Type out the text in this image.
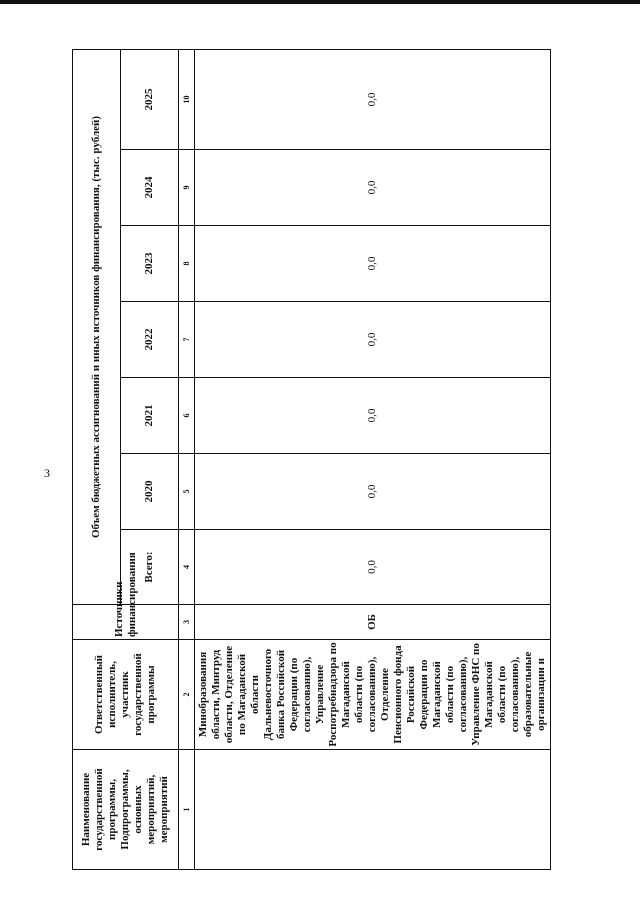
3
Наименование государственной программы, Подпрограммы, основных мероприятий, мероприятий	Ответственный исполнитель, участник государственной программы	Источники финансирования	Объем бюджетных ассигнований и иных источников финансирования, (тыс. рублей)						
			Всего:	2020	2021	2022	2023	2024	2025
1	2	3	4	5	6	7	8	9	10
	Минобразования области, Минтруд области, Отделение по Магаданской области Дальневосточного банка Российской Федерации (по согласованию), Управление Роспотребнадзора по Магаданской области (по согласованию), Отделение Пенсионного фонда Российской Федерации по Магаданской области (по согласованию), Управление ФНС по Магаданской области (по согласованию), образовательные организации и	ОБ	0,0	0,0	0,0	0,0	0,0	0,0	0,0
